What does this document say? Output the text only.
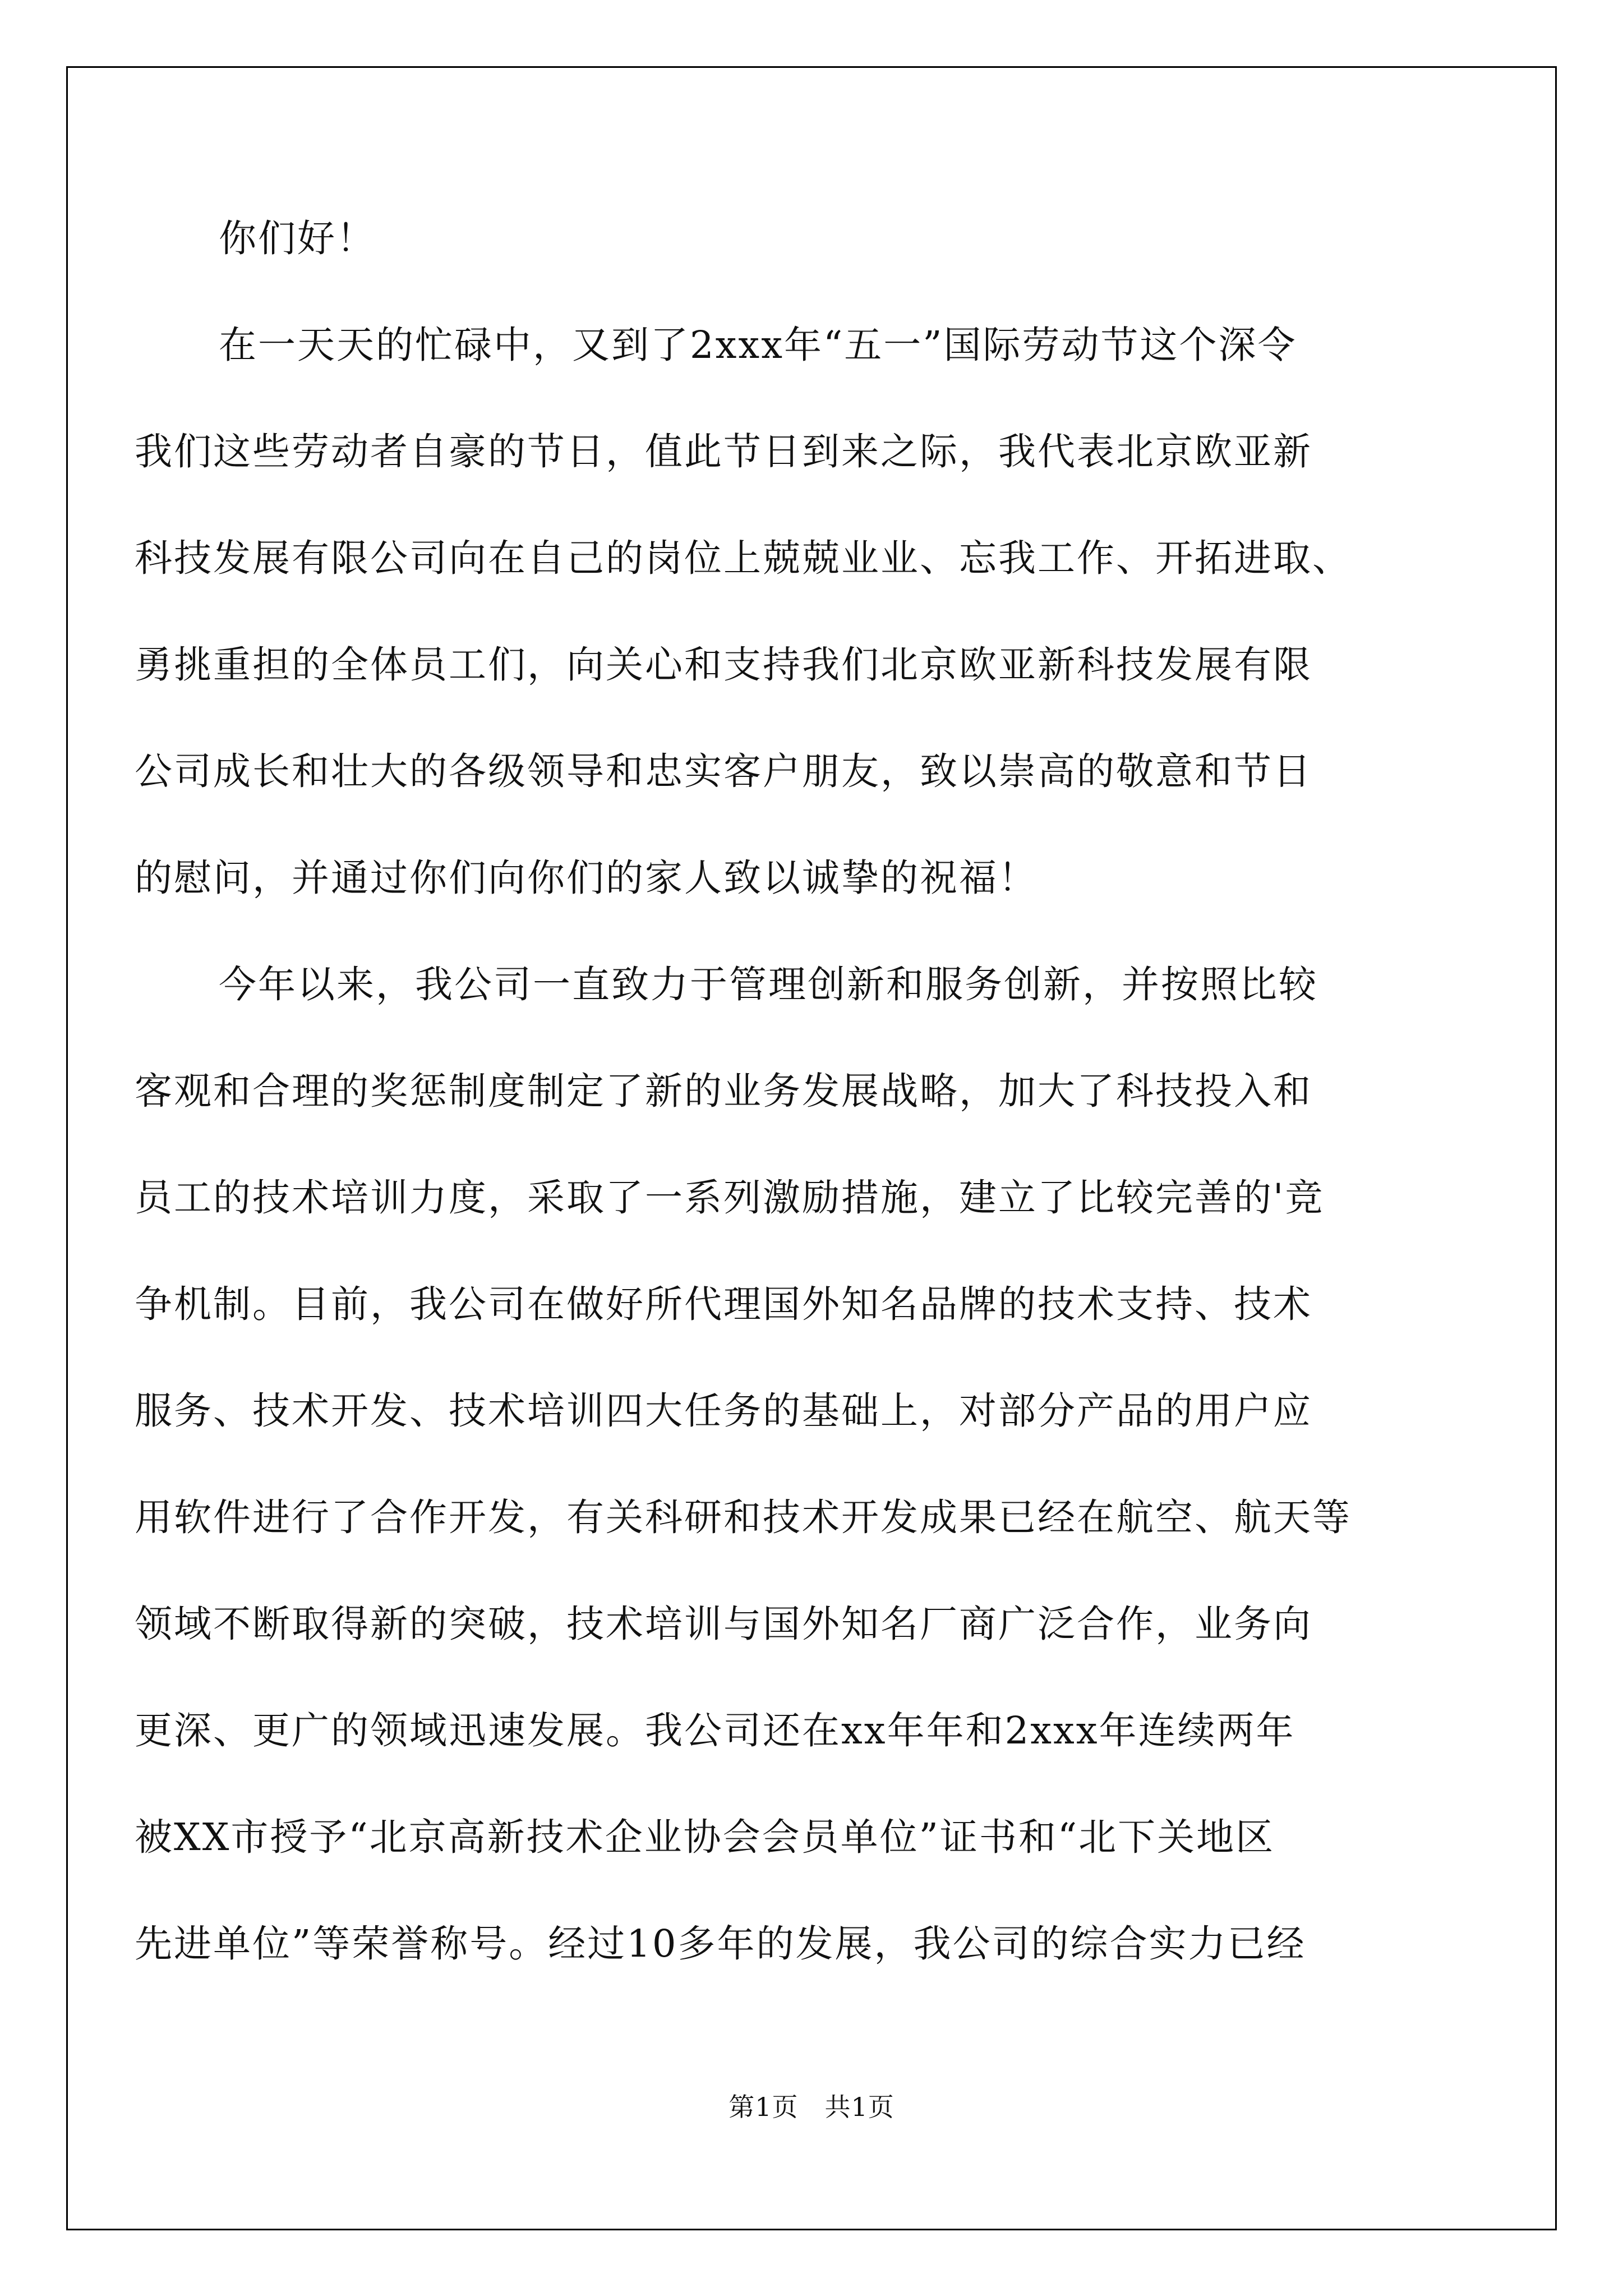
你们好！
在一天天的忙碌中，又到了2xxx年“五一”国际劳动节这个深令
我们这些劳动者自豪的节日，值此节日到来之际，我代表北京欧亚新
科技发展有限公司向在自己的岗位上兢兢业业、忘我工作、开拓进取、
勇挑重担的全体员工们，向关心和支持我们北京欧亚新科技发展有限
公司成长和壮大的各级领导和忠实客户朋友，致以崇高的敬意和节日
的慰问，并通过你们向你们的家人致以诚挚的祝福！
今年以来，我公司一直致力于管理创新和服务创新，并按照比较
客观和合理的奖惩制度制定了新的业务发展战略，加大了科技投入和
员工的技术培训力度，采取了一系列激励措施，建立了比较完善的'竞
争机制。目前，我公司在做好所代理国外知名品牌的技术支持、技术
服务、技术开发、技术培训四大任务的基础上，对部分产品的用户应
用软件进行了合作开发，有关科研和技术开发成果已经在航空、航天等
领域不断取得新的突破，技术培训与国外知名厂商广泛合作，业务向
更深、更广的领域迅速发展。我公司还在xx年年和2xxx年连续两年
被XX市授予“北京高新技术企业协会会员单位”证书和“北下关地区
先进单位”等荣誉称号。经过10多年的发展，我公司的综合实力已经
第1页　共1页
